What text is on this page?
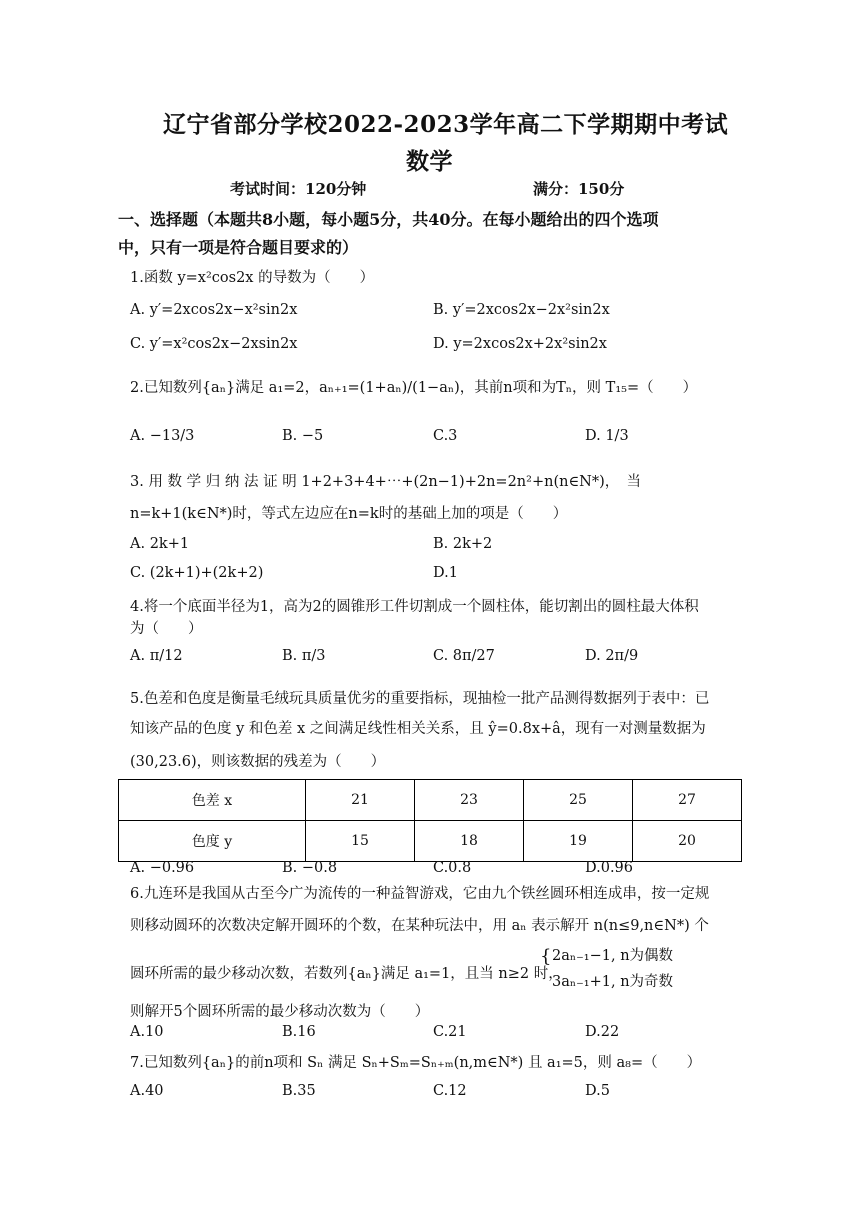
辽宁省部分学校2022-2023学年高二下学期期中考试
数学
考试时间：120分钟	满分：150分
一、选择题（本题共8小题，每小题5分，共40分。在每小题给出的四个选项
中，只有一项是符合题目要求的）
1.函数 y=x²cos2x 的导数为（　　）
A. y′=2xcos2x−x²sin2x	B. y′=2xcos2x−2x²sin2x
C. y′=x²cos2x−2xsin2x	D. y=2xcos2x+2x²sin2x
2.已知数列{aₙ}满足 a₁=2，aₙ₊₁=(1+aₙ)/(1−aₙ)，其前n项和为Tₙ，则 T₁₅=（　　）
A. −13/3	B. −5	C.3	D. 1/3
3. 用 数 学 归 纳 法 证 明 1+2+3+4+⋯+(2n−1)+2n=2n²+n(n∈N*)，　当
n=k+1(k∈N*)时，等式左边应在n=k时的基础上加的项是（　　）
A. 2k+1	B. 2k+2
C. (2k+1)+(2k+2)	D.1
4.将一个底面半径为1，高为2的圆锥形工件切割成一个圆柱体，能切割出的圆柱最大体积
为（　　）
A. π/12	B. π/3	C. 8π/27	D. 2π/9
5.色差和色度是衡量毛绒玩具质量优劣的重要指标，现抽检一批产品测得数据列于表中：已
知该产品的色度 y 和色差 x 之间满足线性相关关系，且 ŷ=0.8x+â，现有一对测量数据为
(30,23.6)，则该数据的残差为（　　）
色差 x	21	23	25	27
色度 y	15	18	19	20
A. −0.96	B. −0.8	C.0.8	D.0.96
6.九连环是我国从古至今广为流传的一种益智游戏，它由九个铁丝圆环相连成串，按一定规
则移动圆环的次数决定解开圆环的个数，在某种玩法中，用 aₙ 表示解开 n(n≤9,n∈N*) 个
圆环所需的最少移动次数，若数列{aₙ}满足 a₁=1，且当 n≥2 时，
{ 2aₙ₋₁−1, n为偶数
3aₙ₋₁+1, n为奇数
则解开5个圆环所需的最少移动次数为（　　）
A.10	B.16	C.21	D.22
7.已知数列{aₙ}的前n项和 Sₙ 满足 Sₙ+Sₘ=Sₙ₊ₘ(n,m∈N*) 且 a₁=5，则 a₈=（　　）
A.40	B.35	C.12	D.5
